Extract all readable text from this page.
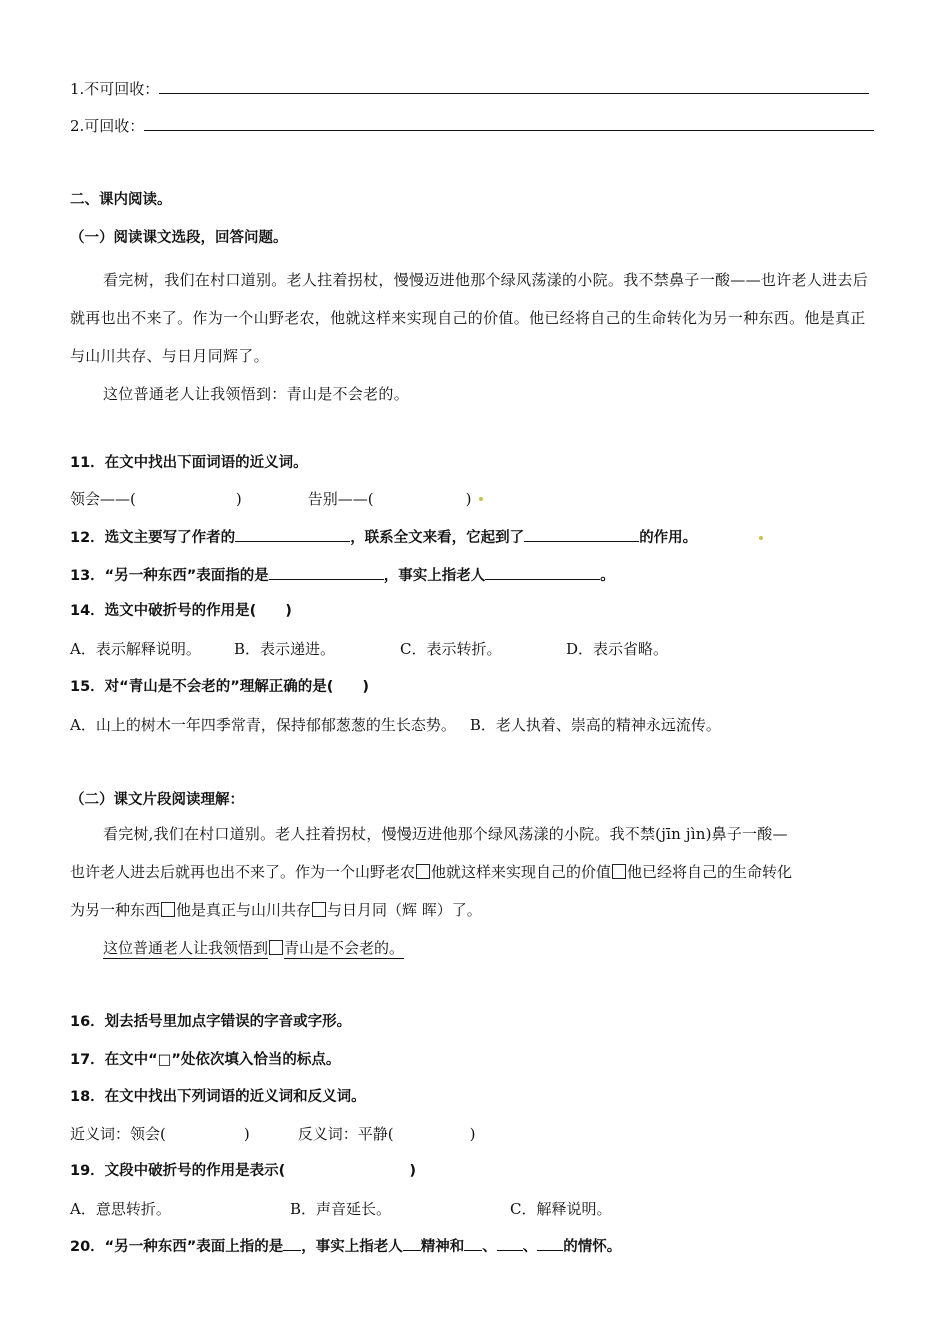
1.不可回收：
2.可回收：
二、课内阅读。
（一）阅读课文选段，回答问题。
看完树，我们在村口道别。老人拄着拐杖，慢慢迈进他那个绿风荡漾的小院。我不禁鼻子一酸——也许老人进去后就再也出不来了。作为一个山野老农，他就这样来实现自己的价值。他已经将自己的生命转化为另一种东西。他是真正与山川共存、与日月同辉了。
这位普通老人让我领悟到：青山是不会老的。
11．在文中找出下面词语的近义词。
领会——(	)	告别——(	)
12．选文主要写了作者的	，联系全文来看，它起到了	的作用。
13．“另一种东西”表面指的是	，事实上指老人	。
14．选文中破折号的作用是(　　)
A．表示解释说明。 B．表示递进。	C．表示转折。	D．表示省略。
15．对“青山是不会老的”理解正确的是(　　)
A．山上的树木一年四季常青，保持郁郁葱葱的生长态势。 B．老人执着、崇高的精神永远流传。
（二）课文片段阅读理解：
看完树,我们在村口道别。老人拄着拐杖，慢慢迈进他那个绿风荡漾的小院。我不禁(jīn jìn)鼻子一酸—
也许老人进去后就再也出不来了。作为一个山野老农 他就这样来实现自己的价值 他已经将自己的生命转化
为另一种东西 他是真正与山川共存 与日月同（辉 晖）了。
这位普通老人让我领悟到 青山是不会老的。
16．划去括号里加点字错误的字音或字形。
17．在文中“□”处依次填入恰当的标点。
18．在文中找出下列词语的近义词和反义词。
近义词：领会(	)	反义词：平静(	)
19．文段中破折号的作用是表示(	)
A．意思转折。	B．声音延长。	C．解释说明。
20．“另一种东西”表面上指的是 ，事实上指老人 精神和 、 、 的情怀。
